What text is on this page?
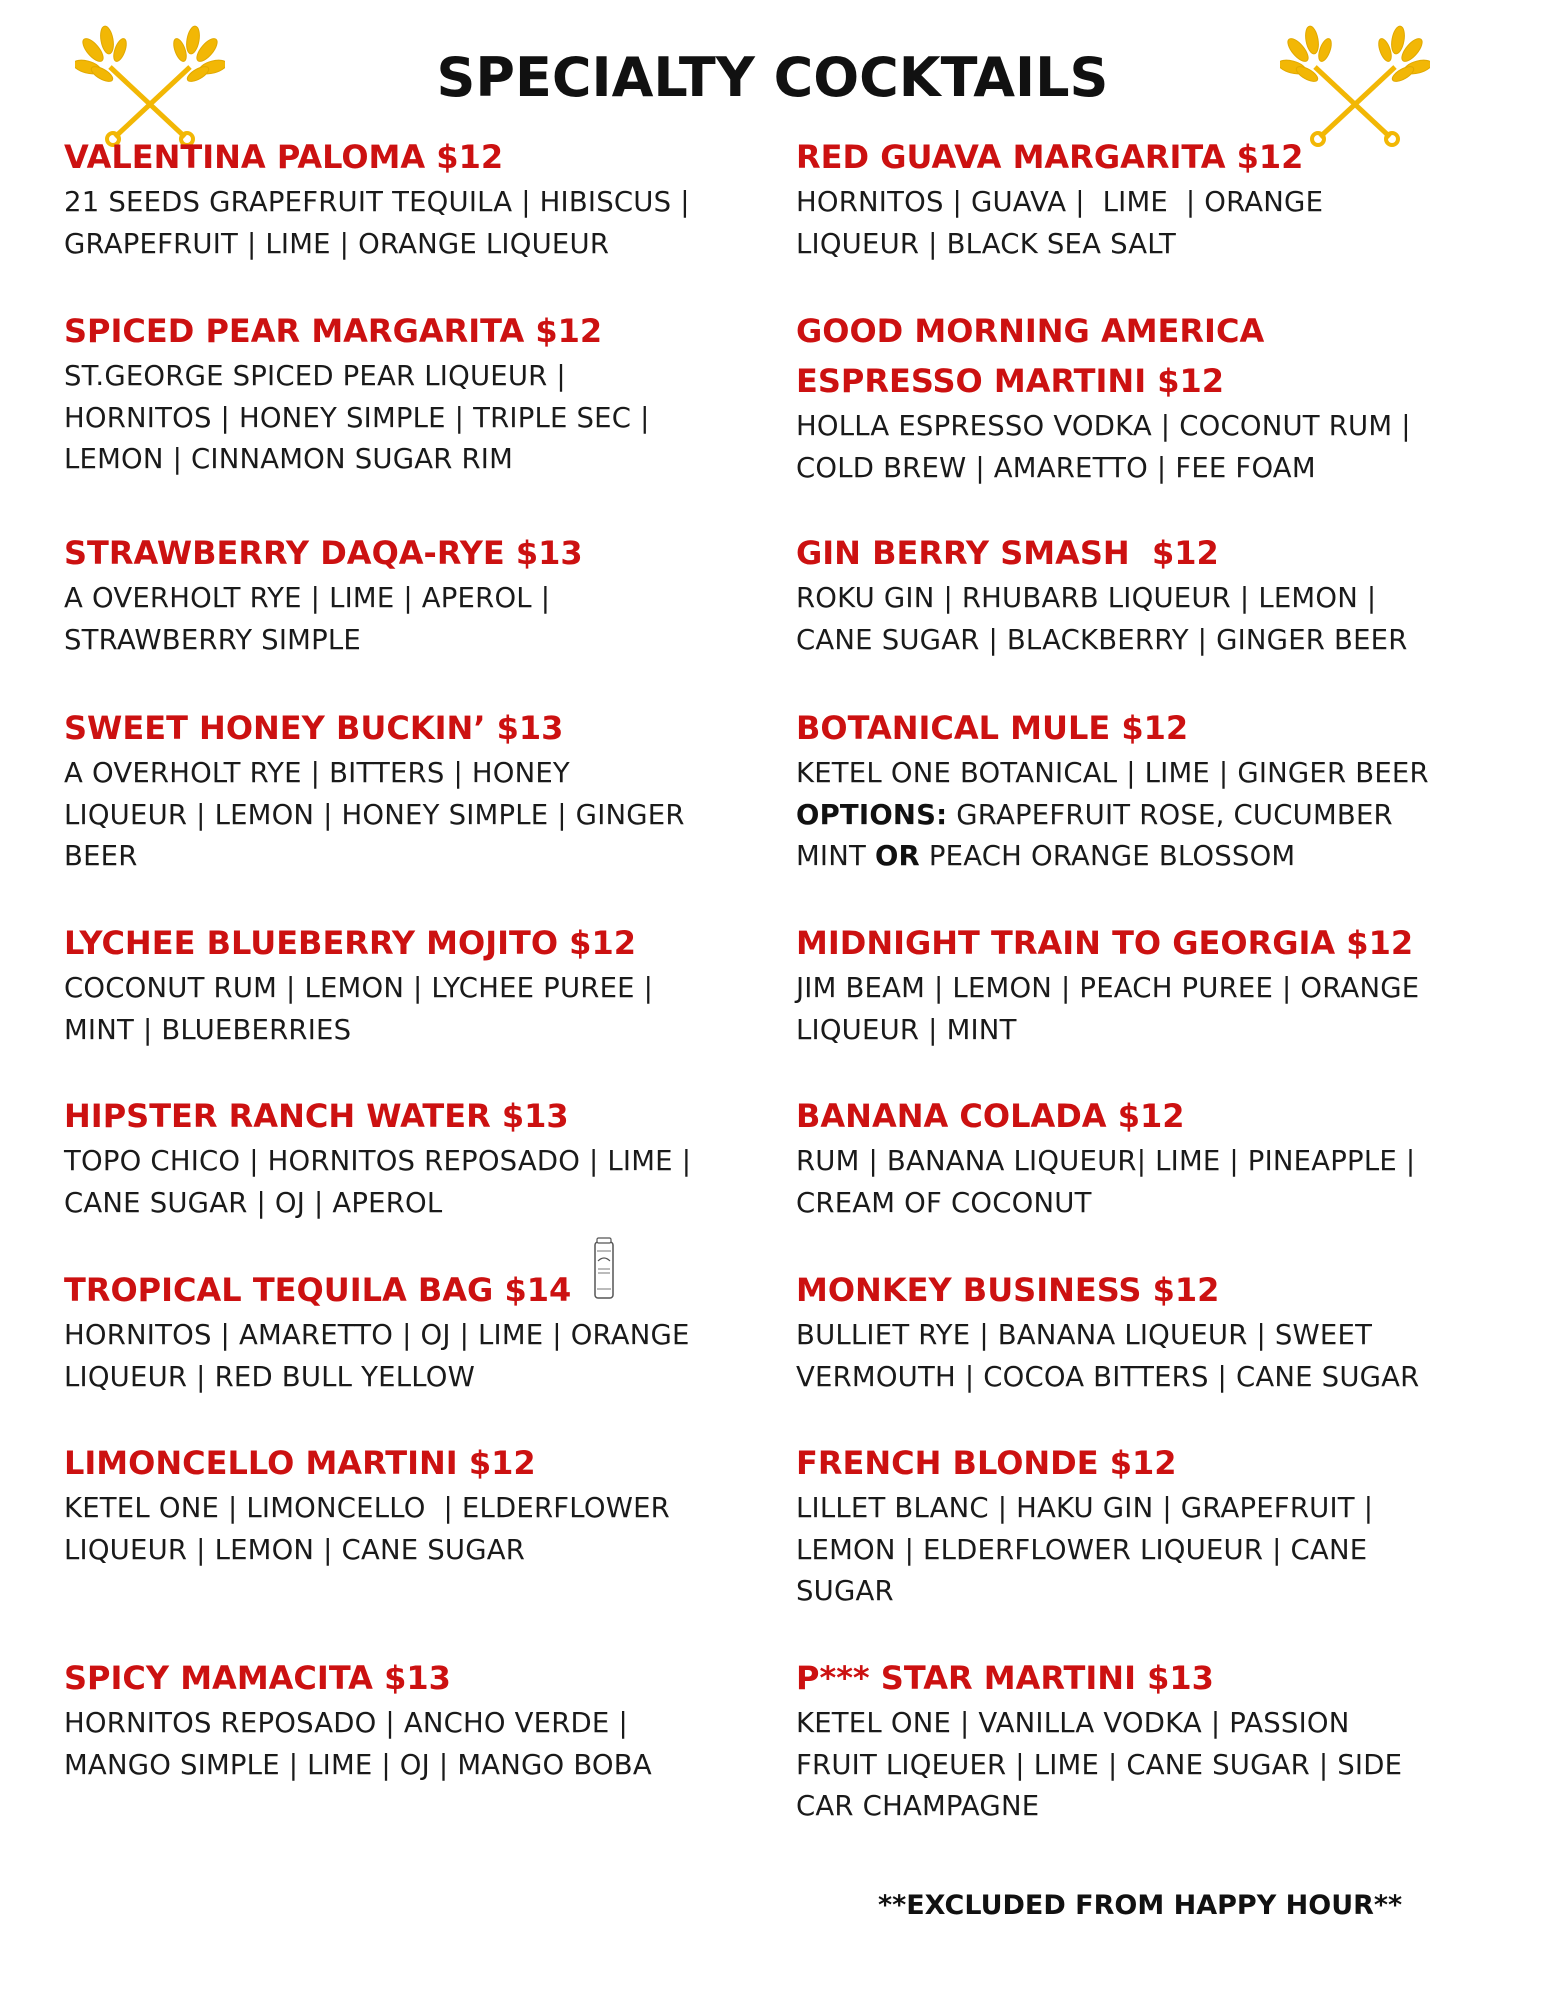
SPECIALTY COCKTAILS
VALENTINA PALOMA $12
21 SEEDS GRAPEFRUIT TEQUILA | HIBISCUS |
GRAPEFRUIT | LIME | ORANGE LIQUEUR
SPICED PEAR MARGARITA $12
ST.GEORGE SPICED PEAR LIQUEUR |
HORNITOS | HONEY SIMPLE | TRIPLE SEC |
LEMON | CINNAMON SUGAR RIM
STRAWBERRY DAQA-RYE $13
A OVERHOLT RYE | LIME | APEROL |
STRAWBERRY SIMPLE
SWEET HONEY BUCKIN’ $13
A OVERHOLT RYE | BITTERS | HONEY
LIQUEUR | LEMON | HONEY SIMPLE | GINGER
BEER
LYCHEE BLUEBERRY MOJITO $12
COCONUT RUM | LEMON | LYCHEE PUREE |
MINT | BLUEBERRIES
HIPSTER RANCH WATER $13
TOPO CHICO | HORNITOS REPOSADO | LIME |
CANE SUGAR | OJ | APEROL
TROPICAL TEQUILA BAG $14
HORNITOS | AMARETTO | OJ | LIME | ORANGE
LIQUEUR | RED BULL YELLOW
LIMONCELLO MARTINI $12
KETEL ONE | LIMONCELLO  | ELDERFLOWER
LIQUEUR | LEMON | CANE SUGAR
SPICY MAMACITA $13
HORNITOS REPOSADO | ANCHO VERDE |
MANGO SIMPLE | LIME | OJ | MANGO BOBA
RED GUAVA MARGARITA $12
HORNITOS | GUAVA |  LIME  | ORANGE
LIQUEUR | BLACK SEA SALT
GOOD MORNING AMERICA
ESPRESSO MARTINI $12
HOLLA ESPRESSO VODKA | COCONUT RUM |
COLD BREW | AMARETTO | FEE FOAM
GIN BERRY SMASH  $12
ROKU GIN | RHUBARB LIQUEUR | LEMON |
CANE SUGAR | BLACKBERRY | GINGER BEER
BOTANICAL MULE $12
KETEL ONE BOTANICAL | LIME | GINGER BEER
OPTIONS: GRAPEFRUIT ROSE, CUCUMBER
MINT OR PEACH ORANGE BLOSSOM
MIDNIGHT TRAIN TO GEORGIA $12
JIM BEAM | LEMON | PEACH PUREE | ORANGE
LIQUEUR | MINT
BANANA COLADA $12
RUM | BANANA LIQUEUR| LIME | PINEAPPLE |
CREAM OF COCONUT
MONKEY BUSINESS $12
BULLIET RYE | BANANA LIQUEUR | SWEET
VERMOUTH | COCOA BITTERS | CANE SUGAR
FRENCH BLONDE $12
LILLET BLANC | HAKU GIN | GRAPEFRUIT |
LEMON | ELDERFLOWER LIQUEUR | CANE
SUGAR
P*** STAR MARTINI $13
KETEL ONE | VANILLA VODKA | PASSION
FRUIT LIQEUER | LIME | CANE SUGAR | SIDE
CAR CHAMPAGNE
**EXCLUDED FROM HAPPY HOUR**
